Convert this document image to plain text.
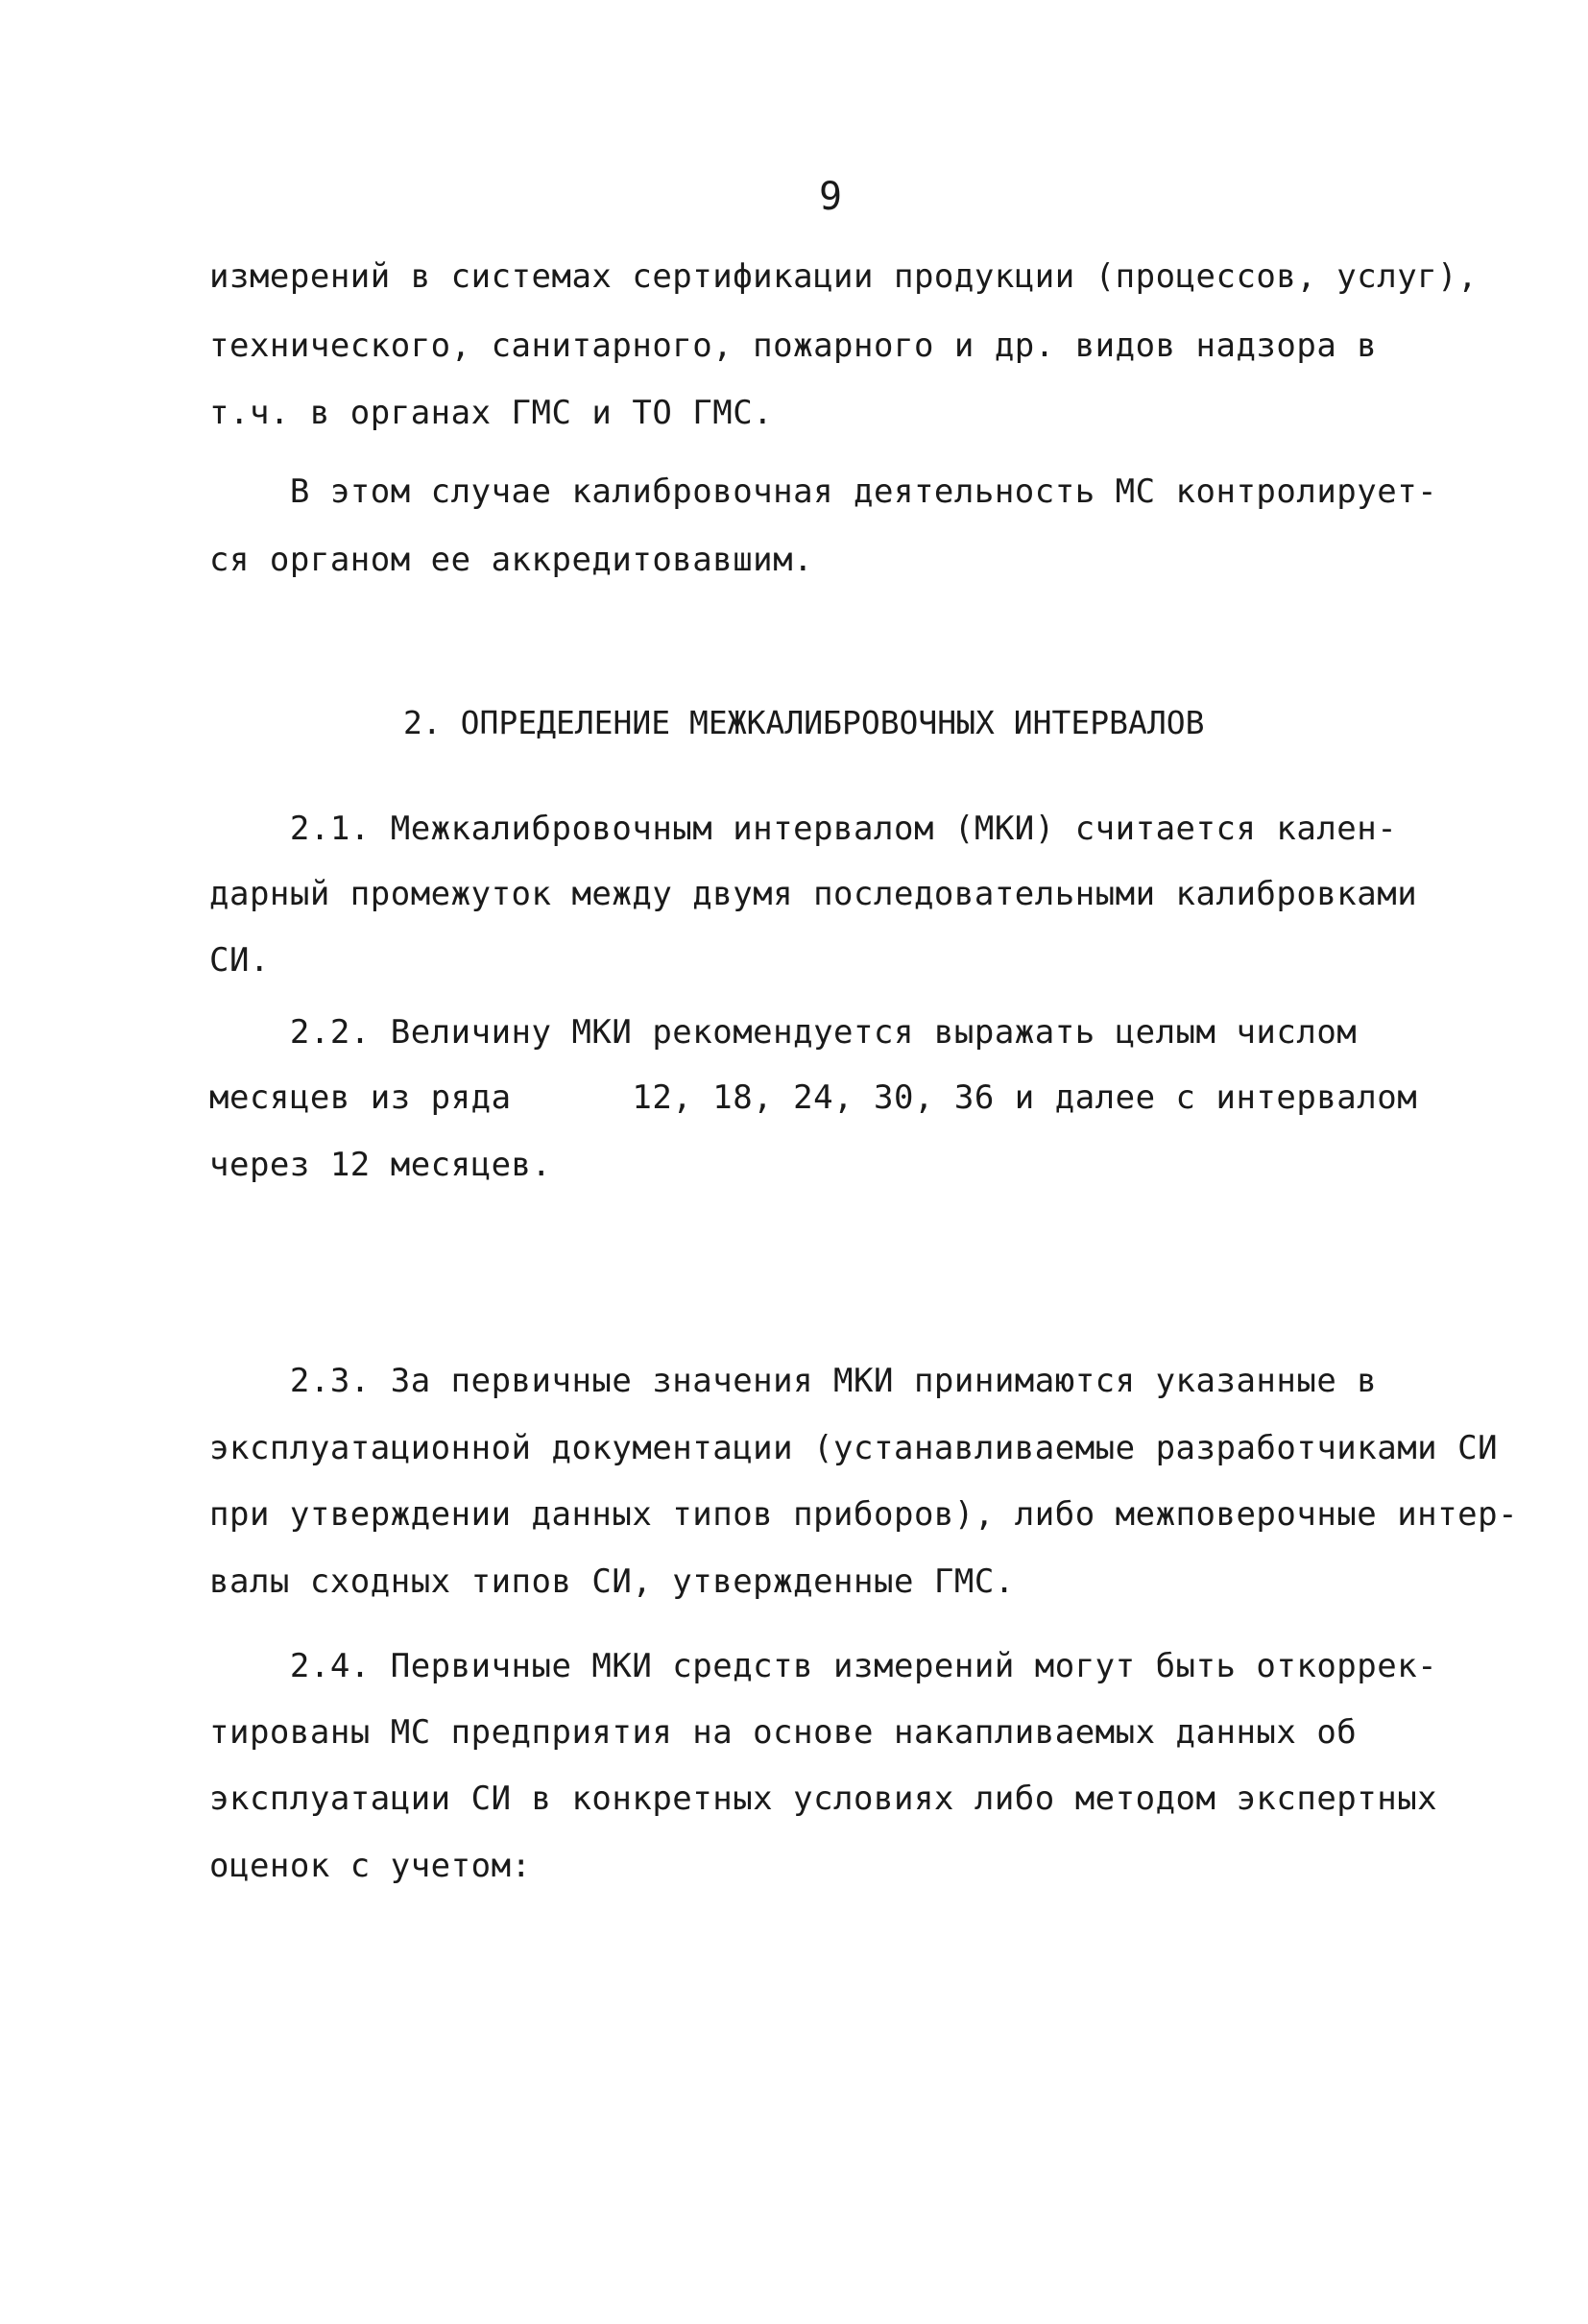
9
измерений в системах сертификации продукции (процессов, услуг),
технического, санитарного, пожарного и др. видов надзора в
т.ч. в органах ГМС и ТО ГМС.
В этом случае калибровочная деятельность МС контролирует-
ся органом ее аккредитовавшим.
2. ОПРЕДЕЛЕНИЕ МЕЖКАЛИБРОВОЧНЫХ ИНТЕРВАЛОВ
2.1. Межкалибровочным интервалом (МКИ) считается кален-
дарный промежуток между двумя последовательными калибровками
СИ.
2.2. Величину МКИ рекомендуется выражать целым числом
месяцев из ряда      12, 18, 24, 30, 36 и далее с интервалом
через 12 месяцев.
2.3. За первичные значения МКИ принимаются указанные в
эксплуатационной документации (устанавливаемые разработчиками СИ
при утверждении данных типов приборов), либо межповерочные интер-
валы сходных типов СИ, утвержденные ГМС.
2.4. Первичные МКИ средств измерений могут быть откоррек-
тированы МС предприятия на основе накапливаемых данных об
эксплуатации СИ в конкретных условиях либо методом экспертных
оценок с учетом:
